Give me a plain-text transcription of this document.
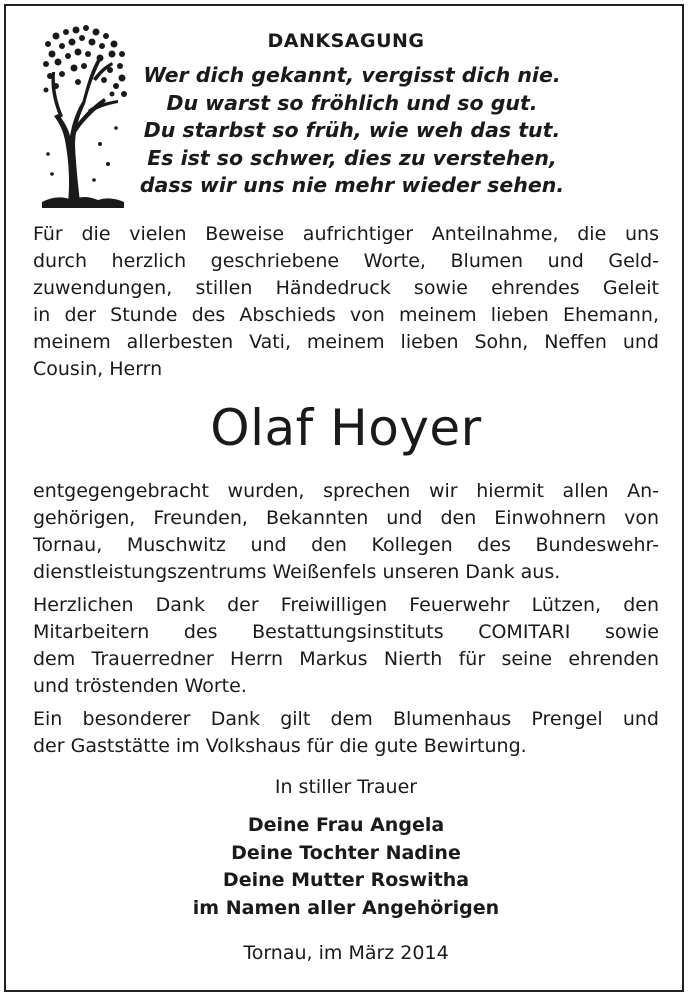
DANKSAGUNG
Wer dich gekannt, vergisst dich nie.
Du warst so fröhlich und so gut.
Du starbst so früh, wie weh das tut.
Es ist so schwer, dies zu verstehen,
dass wir uns nie mehr wieder sehen.
Für die vielen Beweise aufrichtiger Anteilnahme, die uns
durch herzlich geschriebene Worte, Blumen und Geld-
zuwendungen, stillen Händedruck sowie ehrendes Geleit
in der Stunde des Abschieds von meinem lieben Ehemann,
meinem allerbesten Vati, meinem lieben Sohn, Neffen und
Cousin, Herrn
Olaf Hoyer
entgegengebracht wurden, sprechen wir hiermit allen An-
gehörigen, Freunden, Bekannten und den Einwohnern von
Tornau, Muschwitz und den Kollegen des Bundeswehr-
dienstleistungszentrums Weißenfels unseren Dank aus.
Herzlichen Dank der Freiwilligen Feuerwehr Lützen, den
Mitarbeitern des Bestattungsinstituts COMITARI sowie
dem Trauerredner Herrn Markus Nierth für seine ehrenden
und tröstenden Worte.
Ein besonderer Dank gilt dem Blumenhaus Prengel und
der Gaststätte im Volkshaus für die gute Bewirtung.
In stiller Trauer
Deine Frau Angela
Deine Tochter Nadine
Deine Mutter Roswitha
im Namen aller Angehörigen
Tornau, im März 2014
